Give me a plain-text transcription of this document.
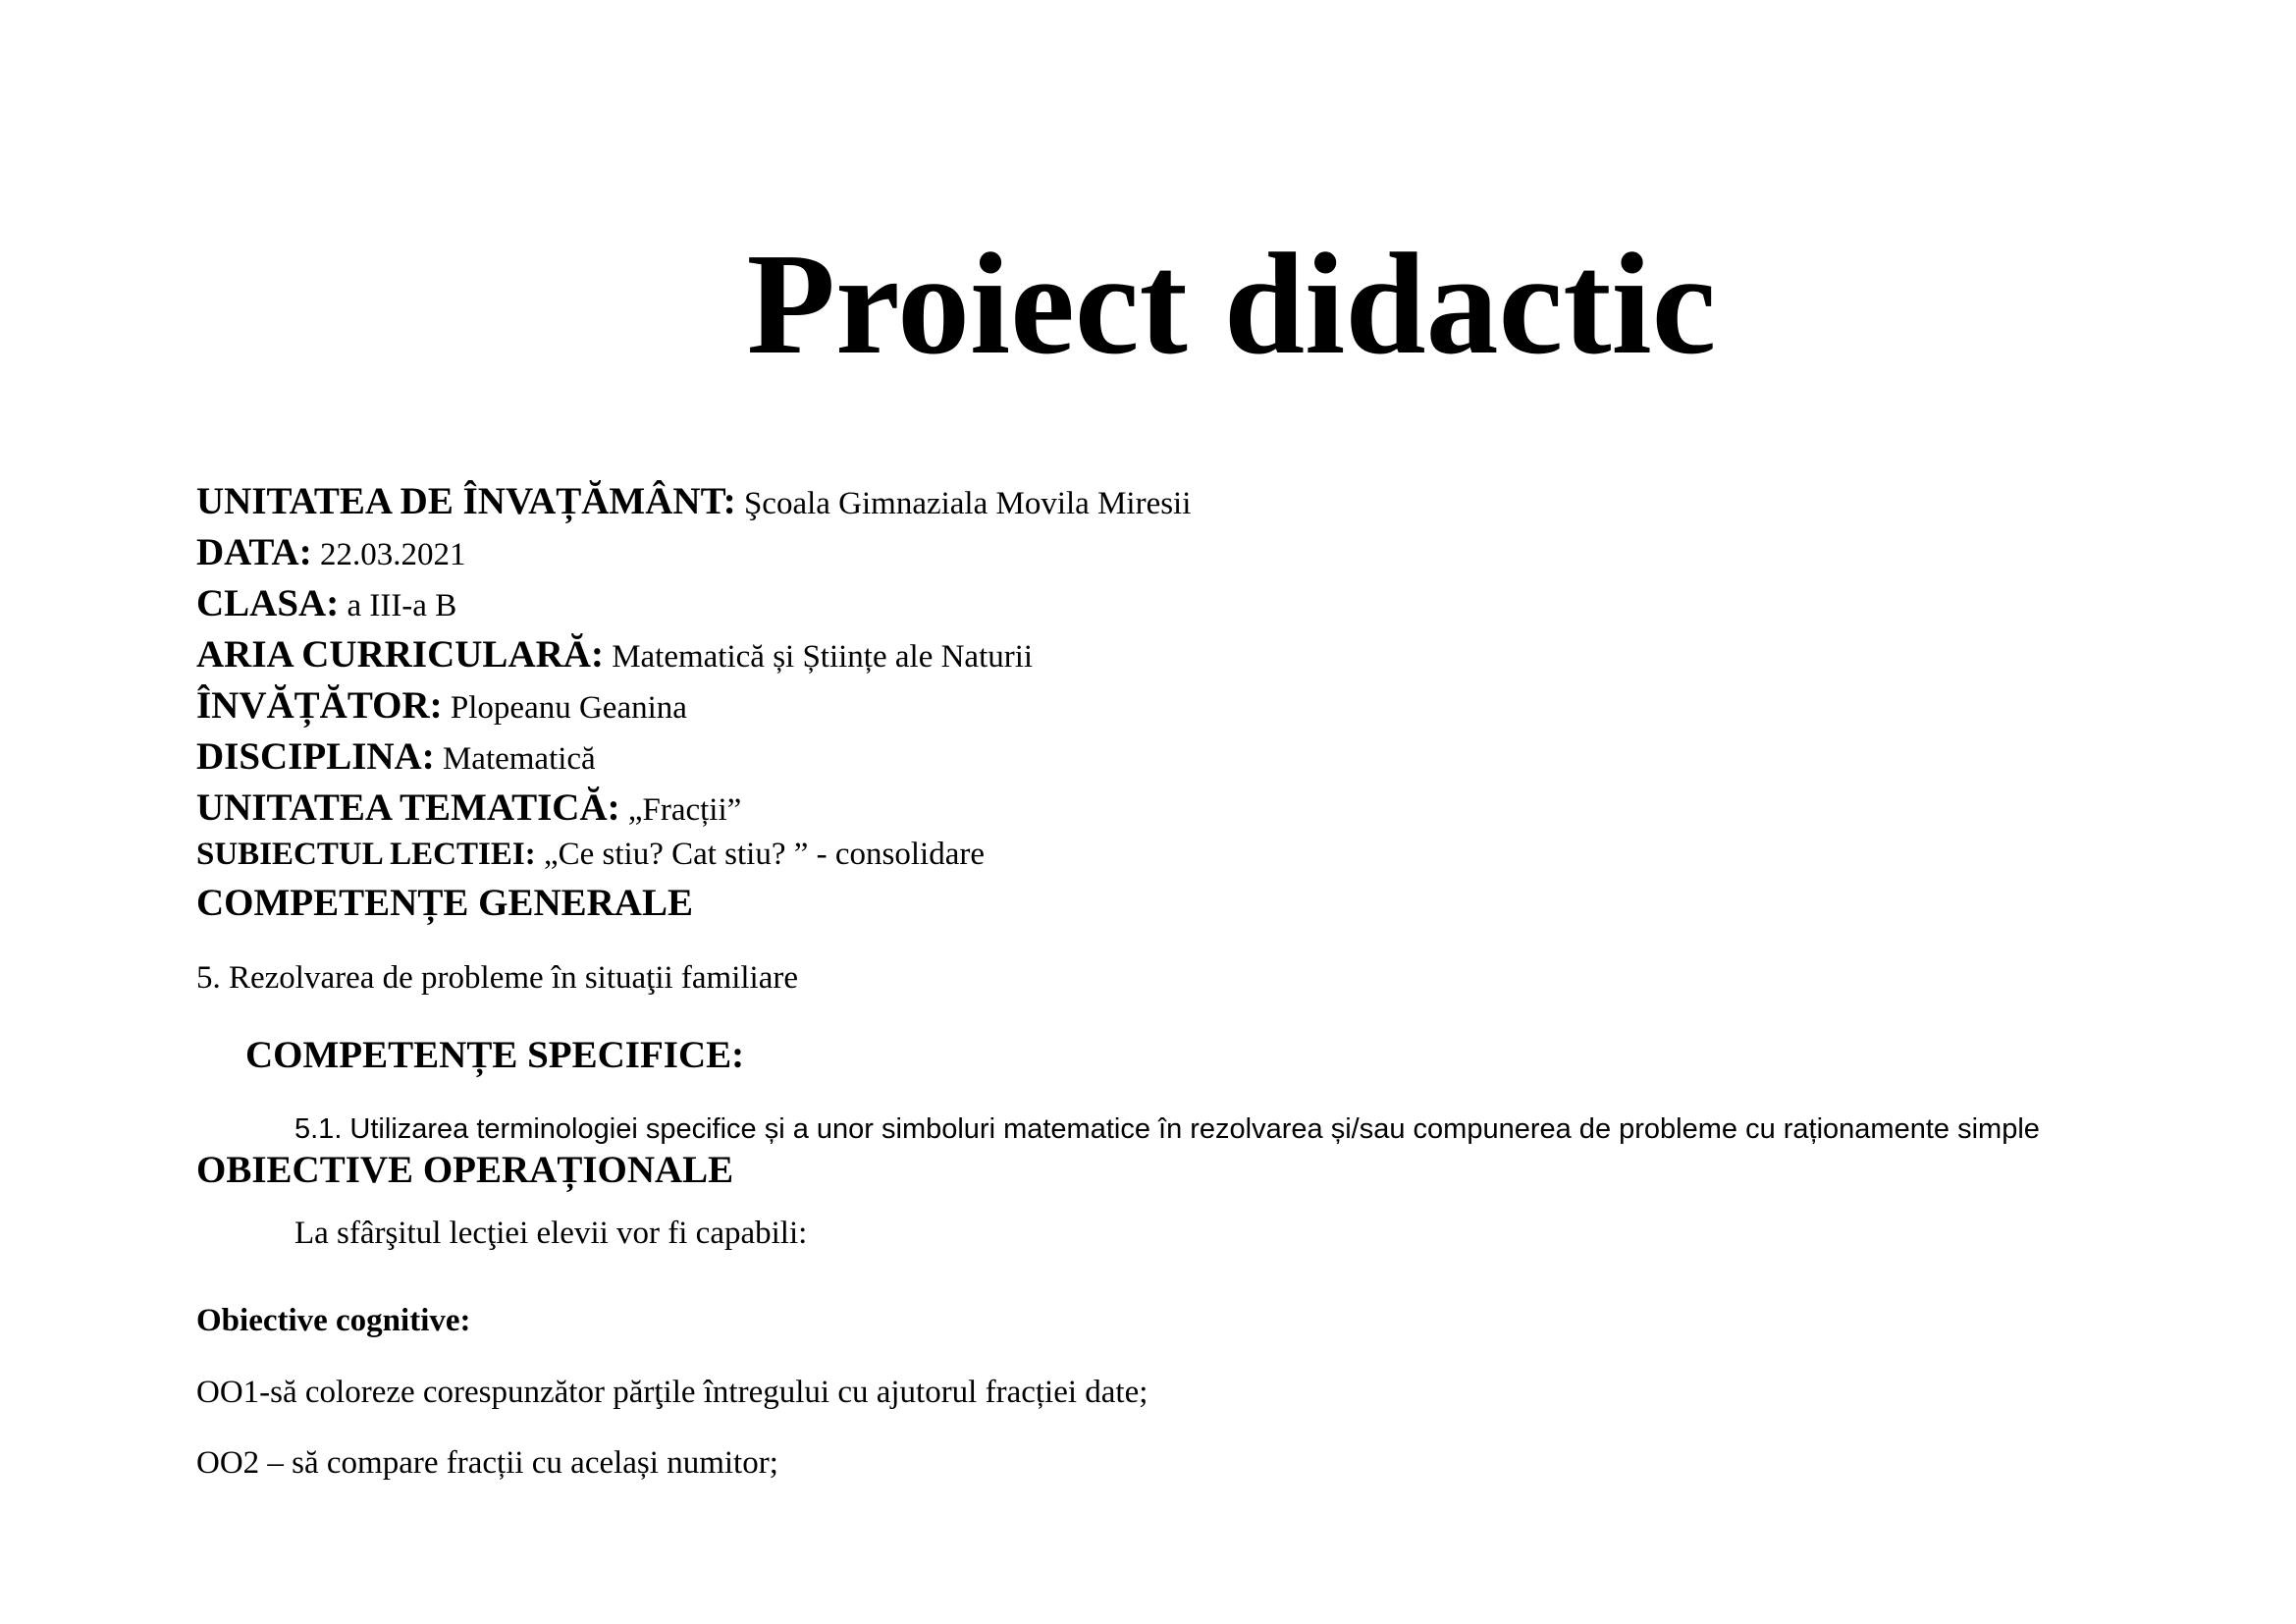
Proiect didactic
UNITATEA DE ÎNVAȚĂMÂNT: Şcoala Gimnaziala Movila Miresii
DATA: 22.03.2021
CLASA: a III-a B
ARIA CURRICULARĂ: Matematică și Științe ale Naturii
ÎNVĂȚĂTOR: Plopeanu Geanina
DISCIPLINA: Matematică
UNITATEA TEMATICĂ: „Fracții”
SUBIECTUL LECTIEI: „Ce stiu? Cat stiu? ” - consolidare
COMPETENȚE GENERALE
5. Rezolvarea de probleme în situaţii familiare
COMPETENȚE SPECIFICE:
5.1. Utilizarea terminologiei specifice și a unor simboluri matematice în rezolvarea și/sau compunerea de probleme cu raționamente simple
OBIECTIVE OPERAȚIONALE
La sfârşitul lecţiei elevii vor fi capabili:
Obiective cognitive:
OO1-să coloreze corespunzător părţile întregului cu ajutorul fracției date;
OO2 – să compare fracții cu același numitor;
